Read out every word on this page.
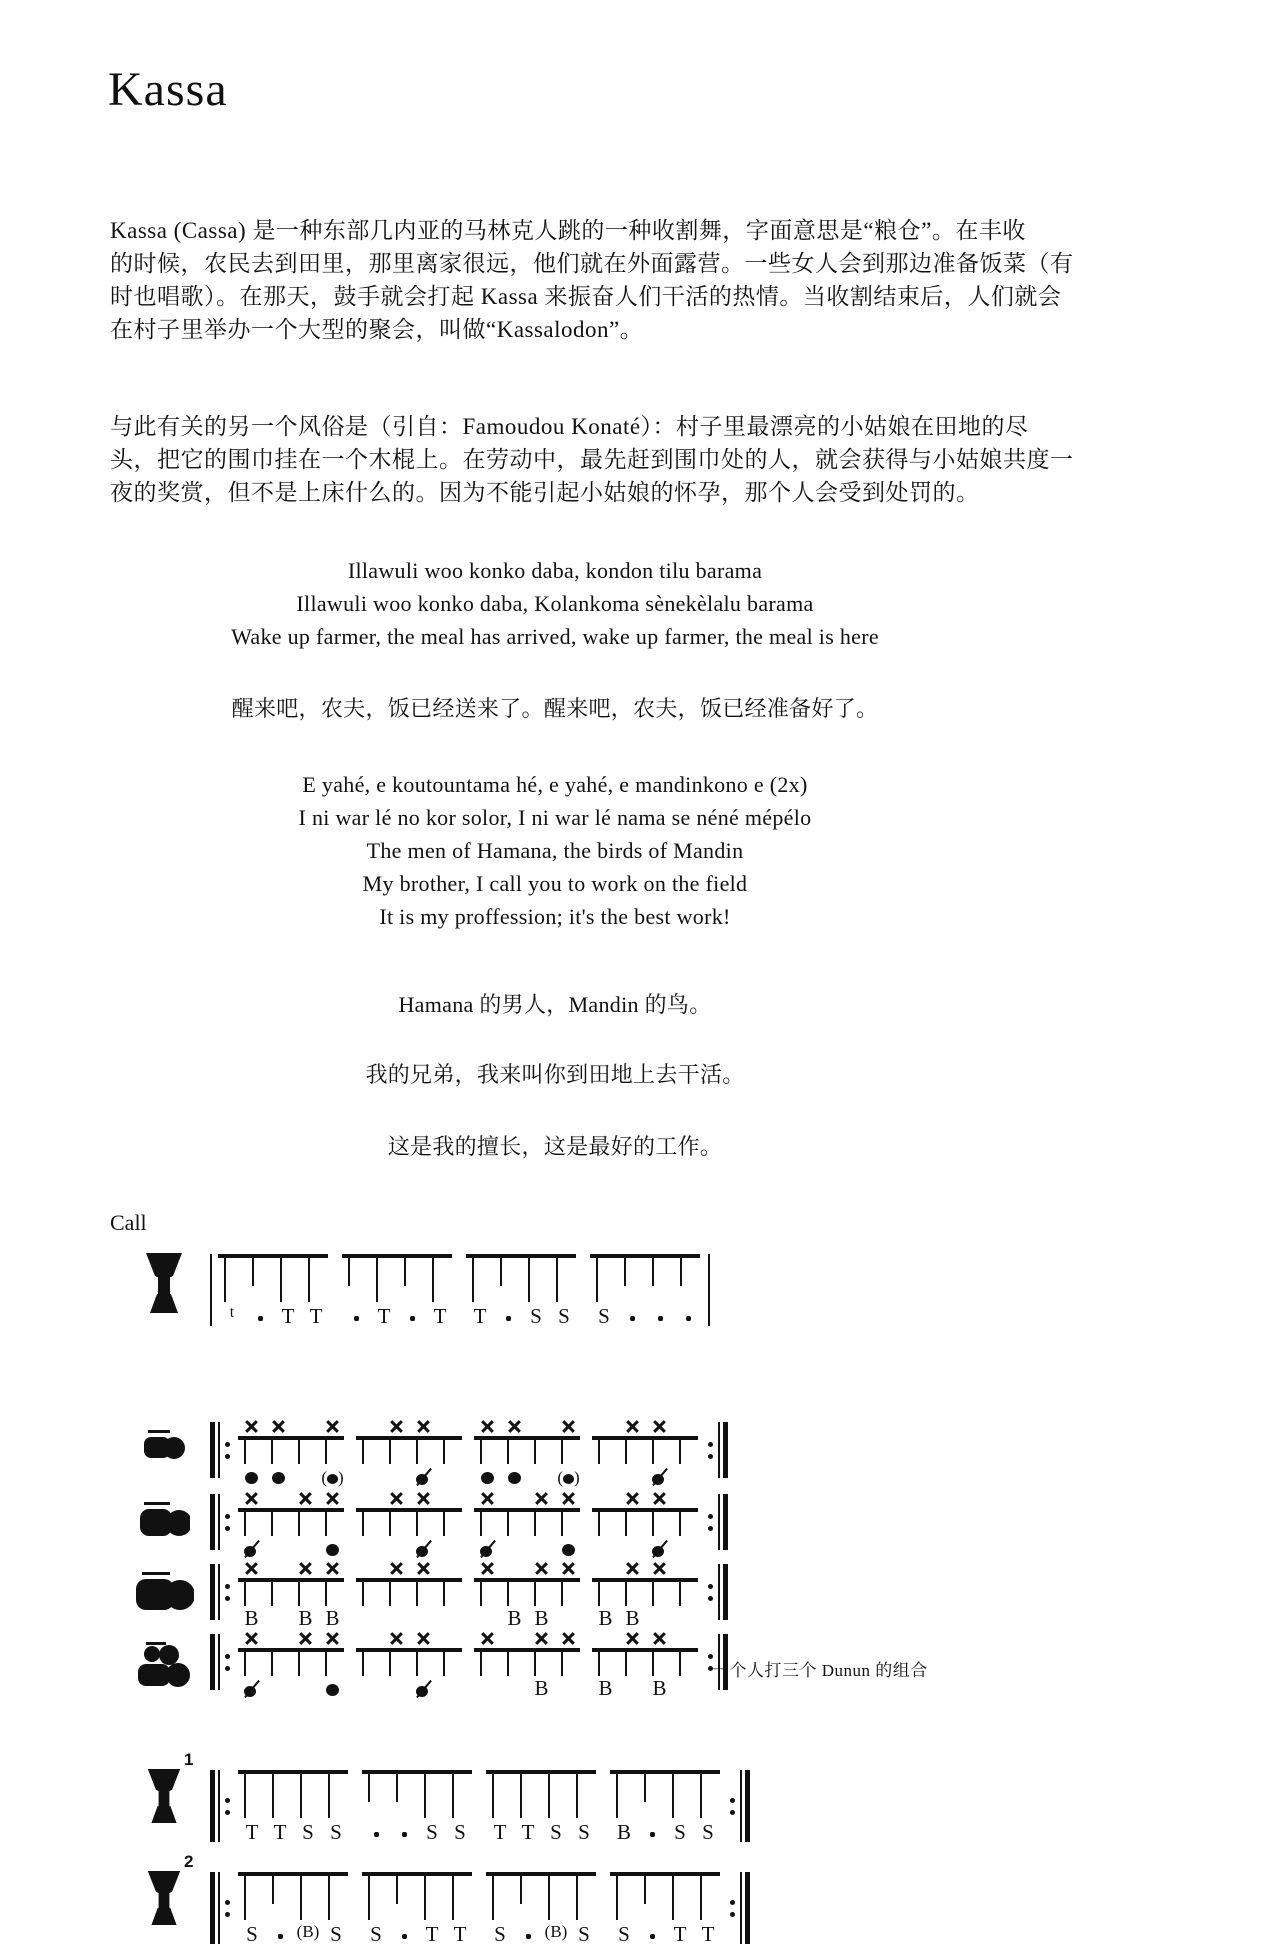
Kassa
Kassa (Cassa) 是一种东部几内亚的马林克人跳的一种收割舞，字面意思是“粮仓”。在丰收
的时候，农民去到田里，那里离家很远，他们就在外面露营。一些女人会到那边准备饭菜（有
时也唱歌）。在那天，鼓手就会打起 Kassa 来振奋人们干活的热情。当收割结束后，人们就会
在村子里举办一个大型的聚会，叫做“Kassalodon”。
与此有关的另一个风俗是（引自：Famoudou Konaté）：村子里最漂亮的小姑娘在田地的尽
头，把它的围巾挂在一个木棍上。在劳动中，最先赶到围巾处的人，就会获得与小姑娘共度一
夜的奖赏，但不是上床什么的。因为不能引起小姑娘的怀孕，那个人会受到处罚的。
Illawuli woo konko daba, kondon tilu barama
Illawuli woo konko daba, Kolankoma sènekèlalu barama
Wake up farmer, the meal has arrived, wake up farmer, the meal is here
醒来吧，农夫，饭已经送来了。醒来吧，农夫，饭已经准备好了。
E yahé, e koutountama hé, e yahé, e mandinkono e (2x)
I ni war lé no kor solor, I ni war lé nama se néné mépélo
The men of Hamana, the birds of Mandin
My brother, I call you to work on the field
It is my proffession; it's the best work!
Hamana 的男人，Mandin 的鸟。
我的兄弟，我来叫你到田地上去干活。
这是我的擅长，这是最好的工作。
Call
t	T T	T	T	T	S S	S
( )	( )
B	B B	B B	B B
B	B	B
1
T T S S	S S	T T S S	B	S S
2
S	(B) S	S	T T	S	(B) S	S	T T
一个人打三个 Dunun 的组合
